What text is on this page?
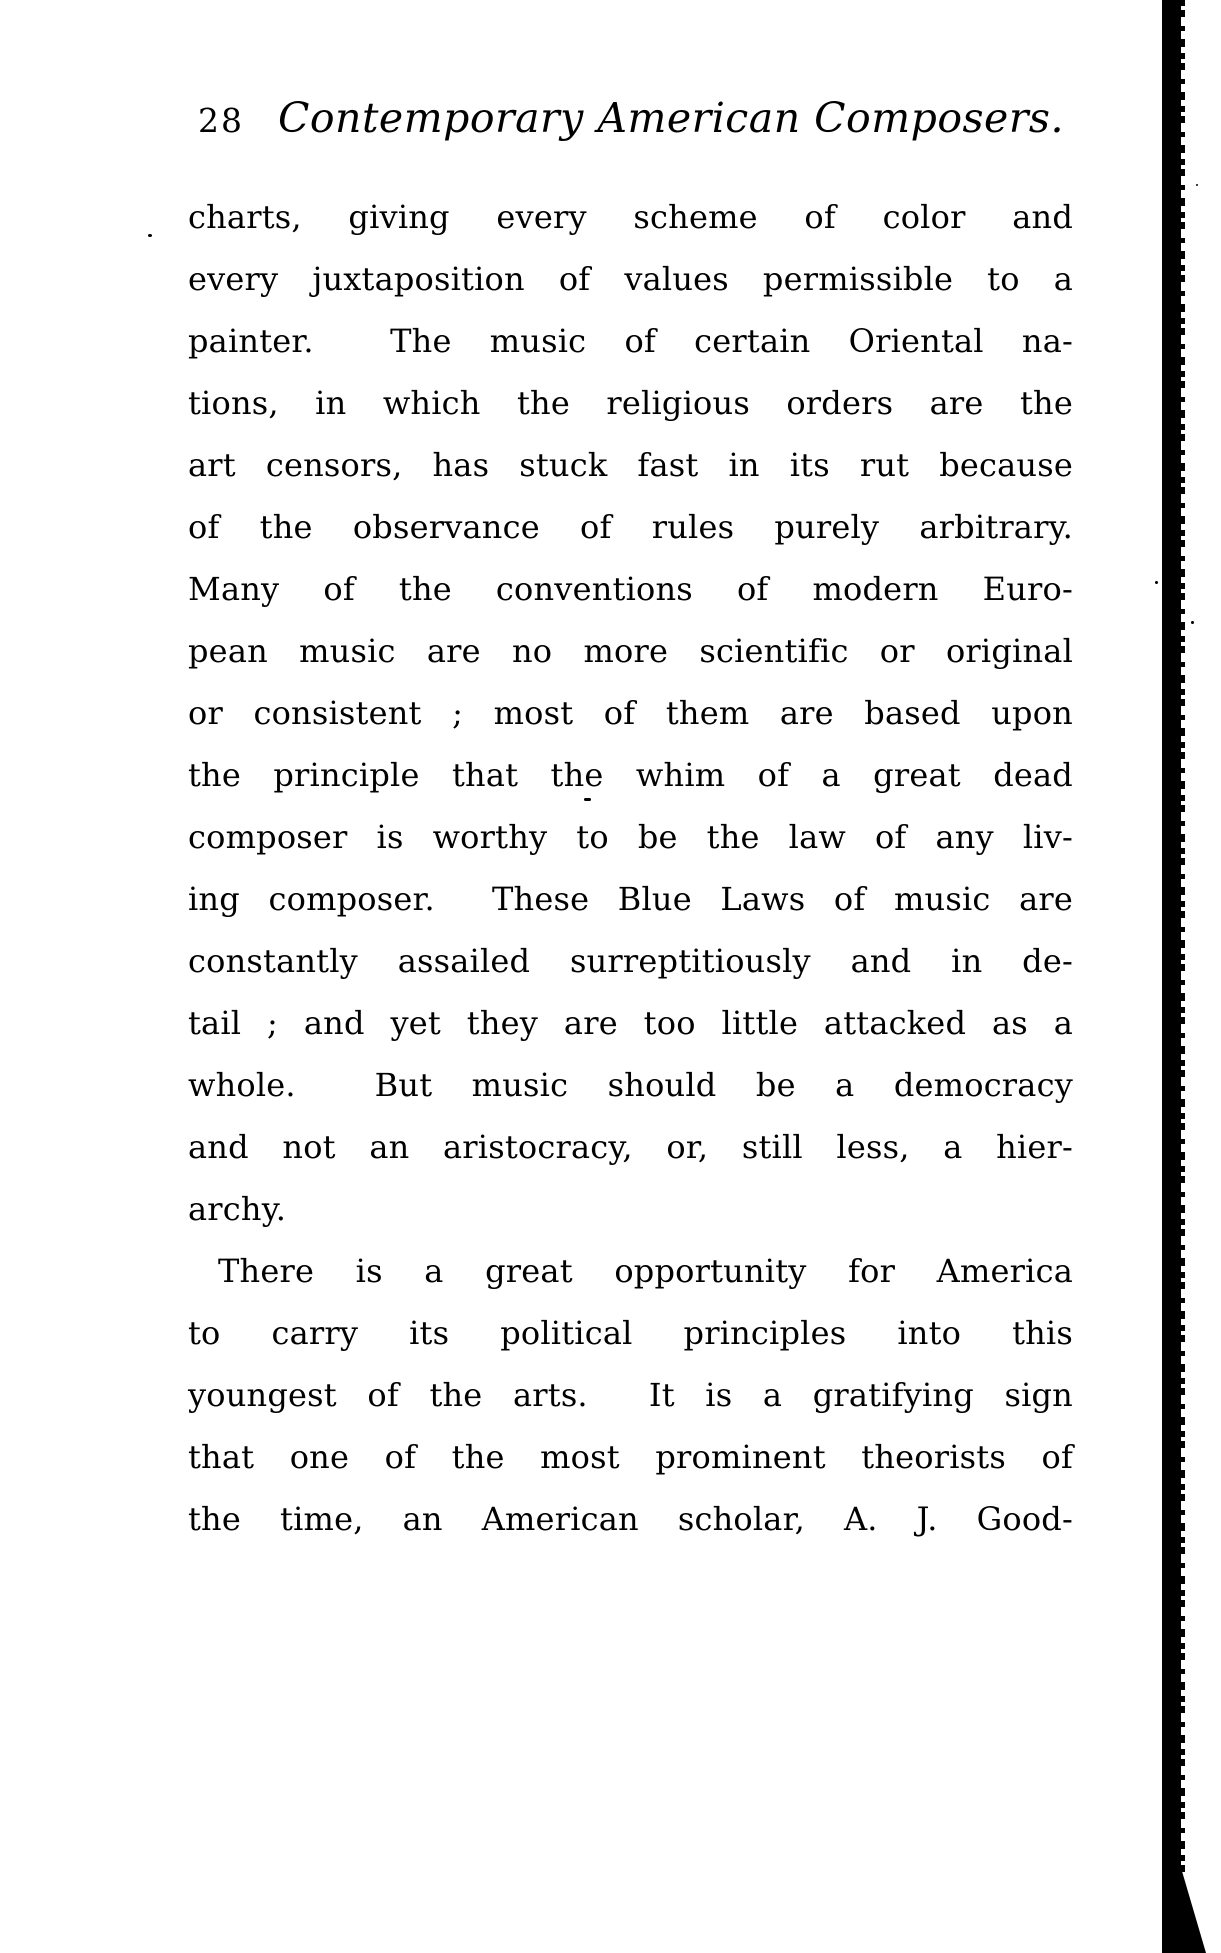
28 Contemporary American Composers.
charts, giving every scheme of color and
every juxtaposition of values permissible to a
painter.  The music of certain Oriental na-
tions, in which the religious orders are the
art censors, has stuck fast in its rut because
of the observance of rules purely arbitrary.
Many of the conventions of modern Euro-
pean music are no more scientific or original
or consistent ; most of them are based upon
the principle that the whim of a great dead
composer is worthy to be the law of any liv-
ing composer.  These Blue Laws of music are
constantly assailed surreptitiously and in de-
tail ; and yet they are too little attacked as a
whole.  But music should be a democracy
and not an aristocracy, or, still less, a hier-
archy.
There is a great opportunity for America
to carry its political principles into this
youngest of the arts.  It is a gratifying sign
that one of the most prominent theorists of
the time, an American scholar, A. J. Good-
